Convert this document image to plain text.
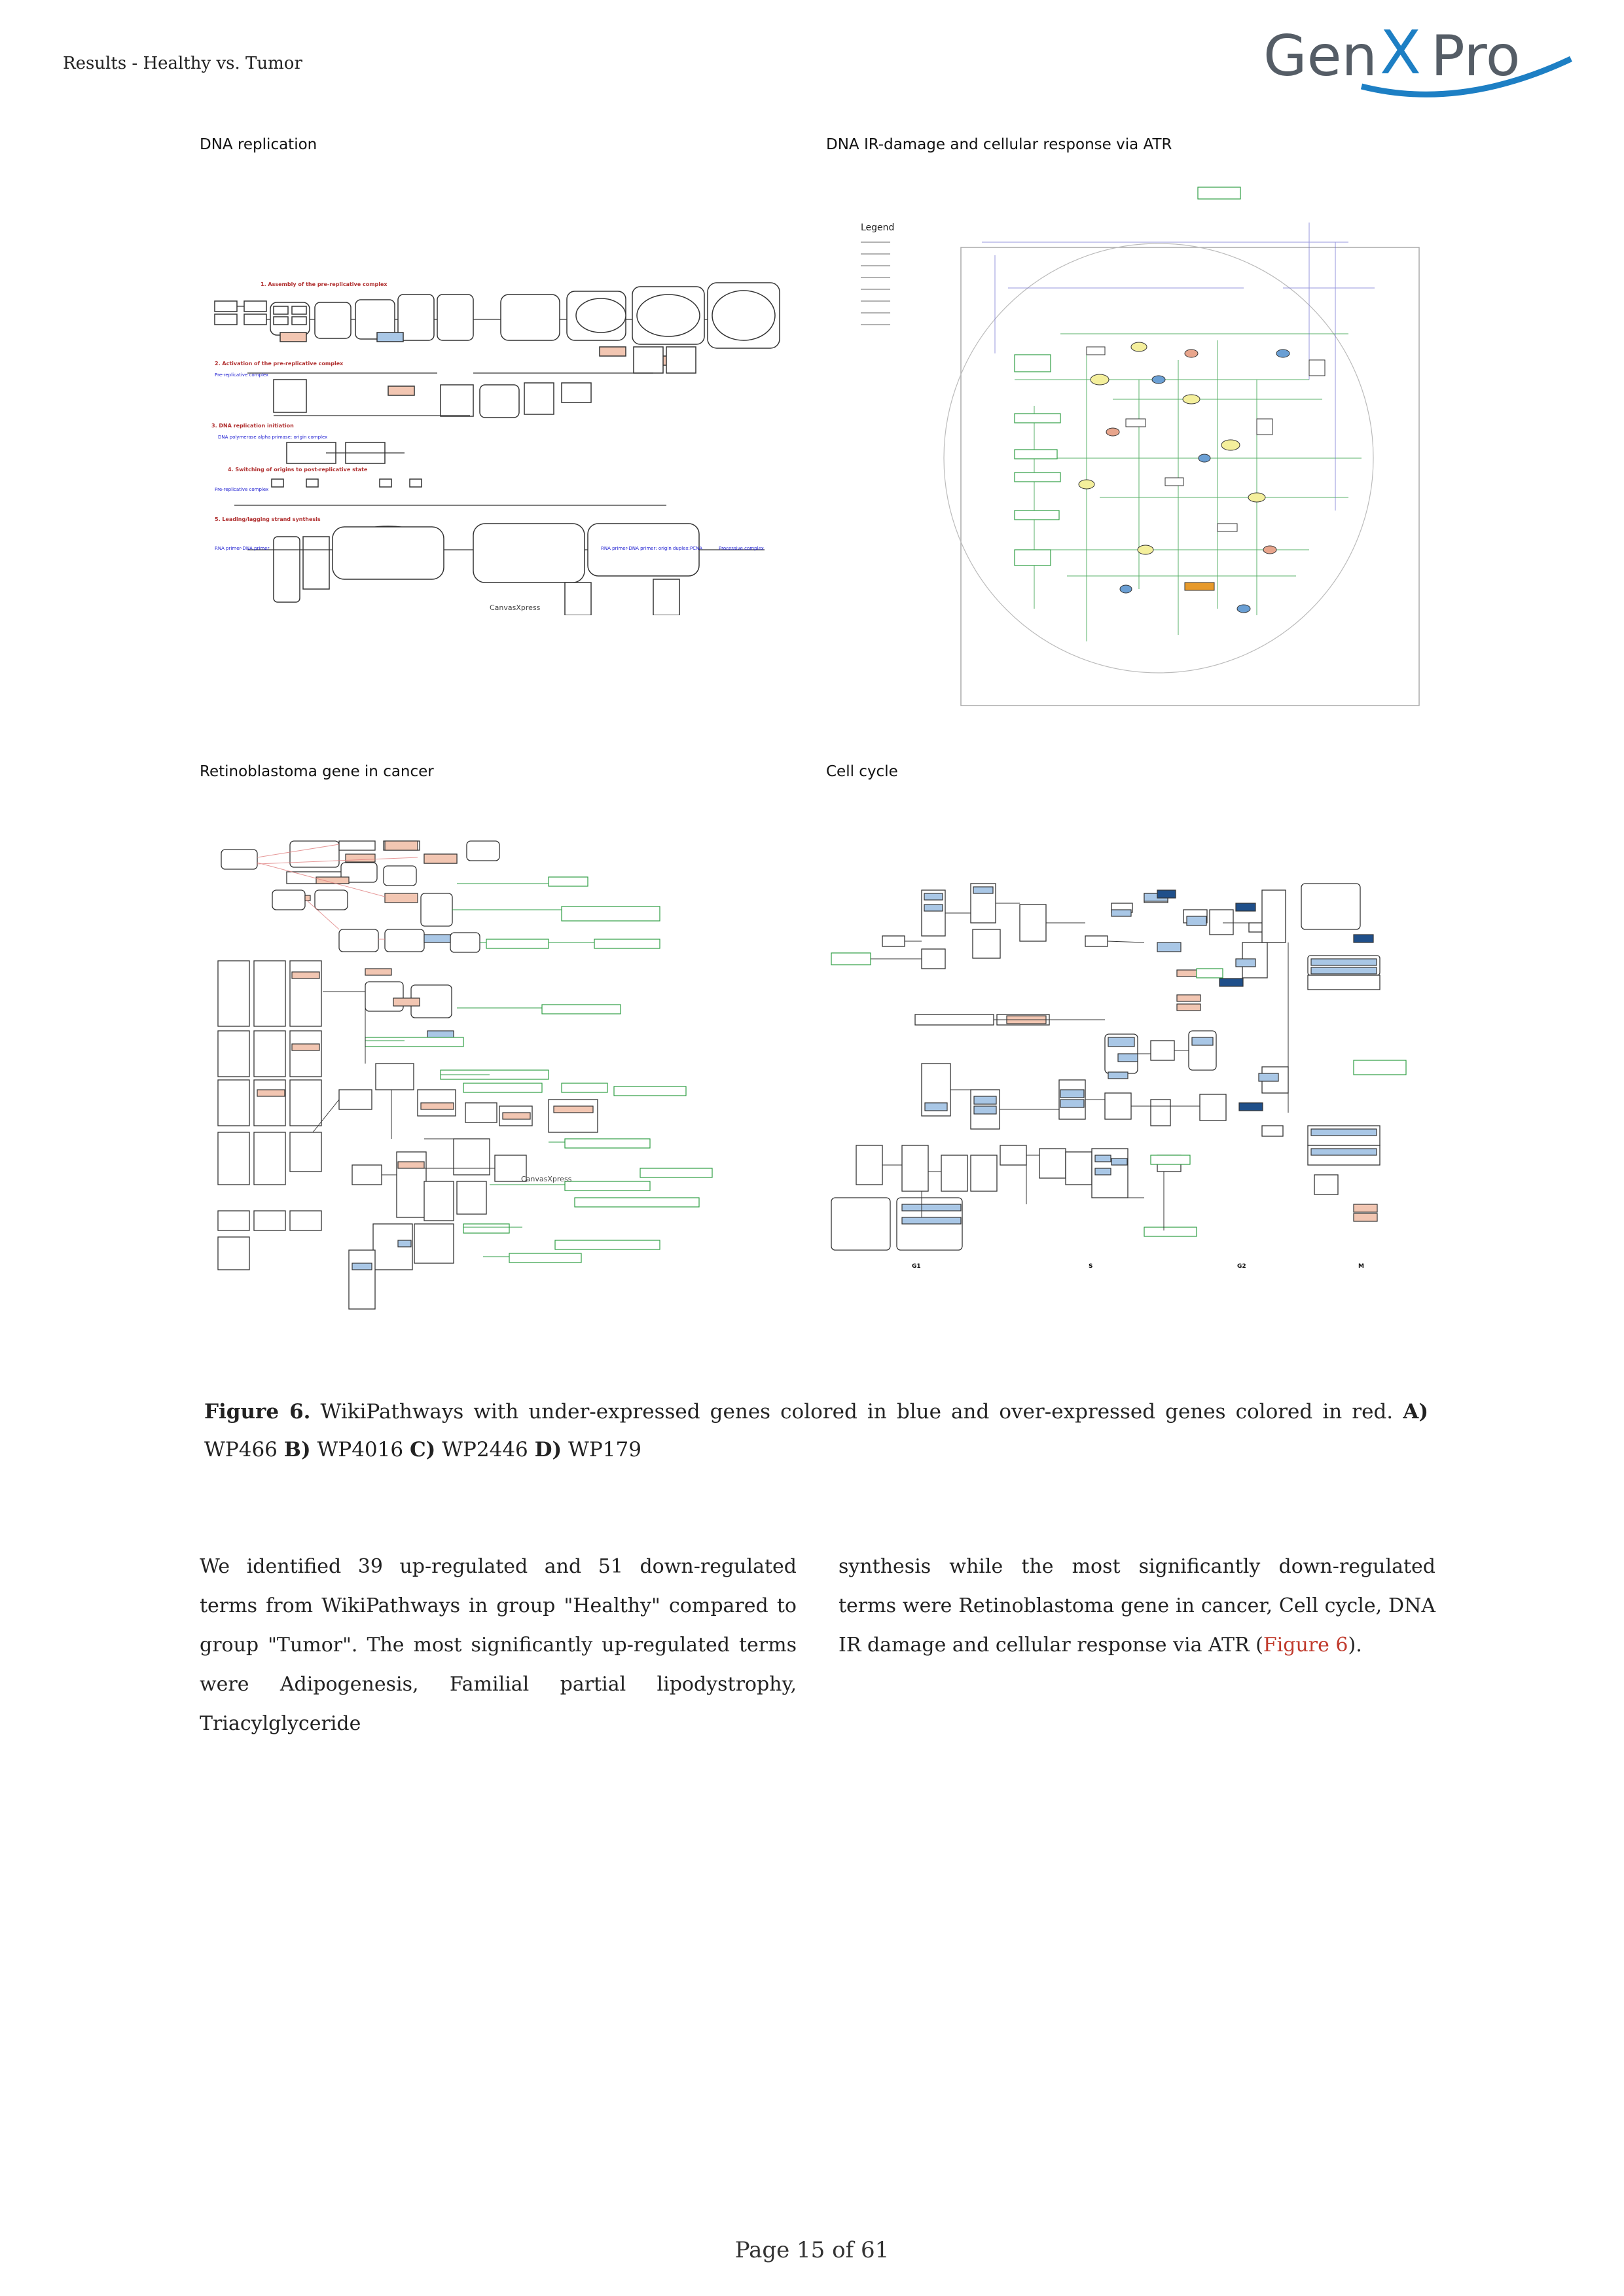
Results - Healthy vs. Tumor	Gen X Pro
DNA replication	DNA IR-damage and cellular response via ATR
Retinoblastoma gene in cancer	Cell cycle
1. Assembly of the pre-replicative complex
2. Activation of the pre-replicative complex
3. DNA replication initiation
4. Switching of origins to post-replicative state
5. Leading/lagging strand synthesis
Pre-replicative complex
DNA polymerase alpha primase: origin complex
Pre-replicative complex
RNA primer-DNA primer	Processive complex
RNA primer-DNA primer: origin duplex:PCNA
CanvasXpress
Legend
CanvasXpress
G1	S	G2	M
Figure 6. WikiPathways with under-expressed genes colored in blue and over-expressed genes colored in red. A) WP466 B) WP4016 C) WP2446 D) WP179
We identified 39 up-regulated and 51 down-regulated terms from WikiPathways in group "Healthy" compared to group "Tumor". The most significantly up-regulated terms were Adipogenesis, Familial partial lipodystrophy, Triacylglyceride
synthesis while the most significantly down-regulated terms were Retinoblastoma gene in cancer, Cell cycle, DNA IR damage and cellular response via ATR (Figure 6).
Page 15 of 61
